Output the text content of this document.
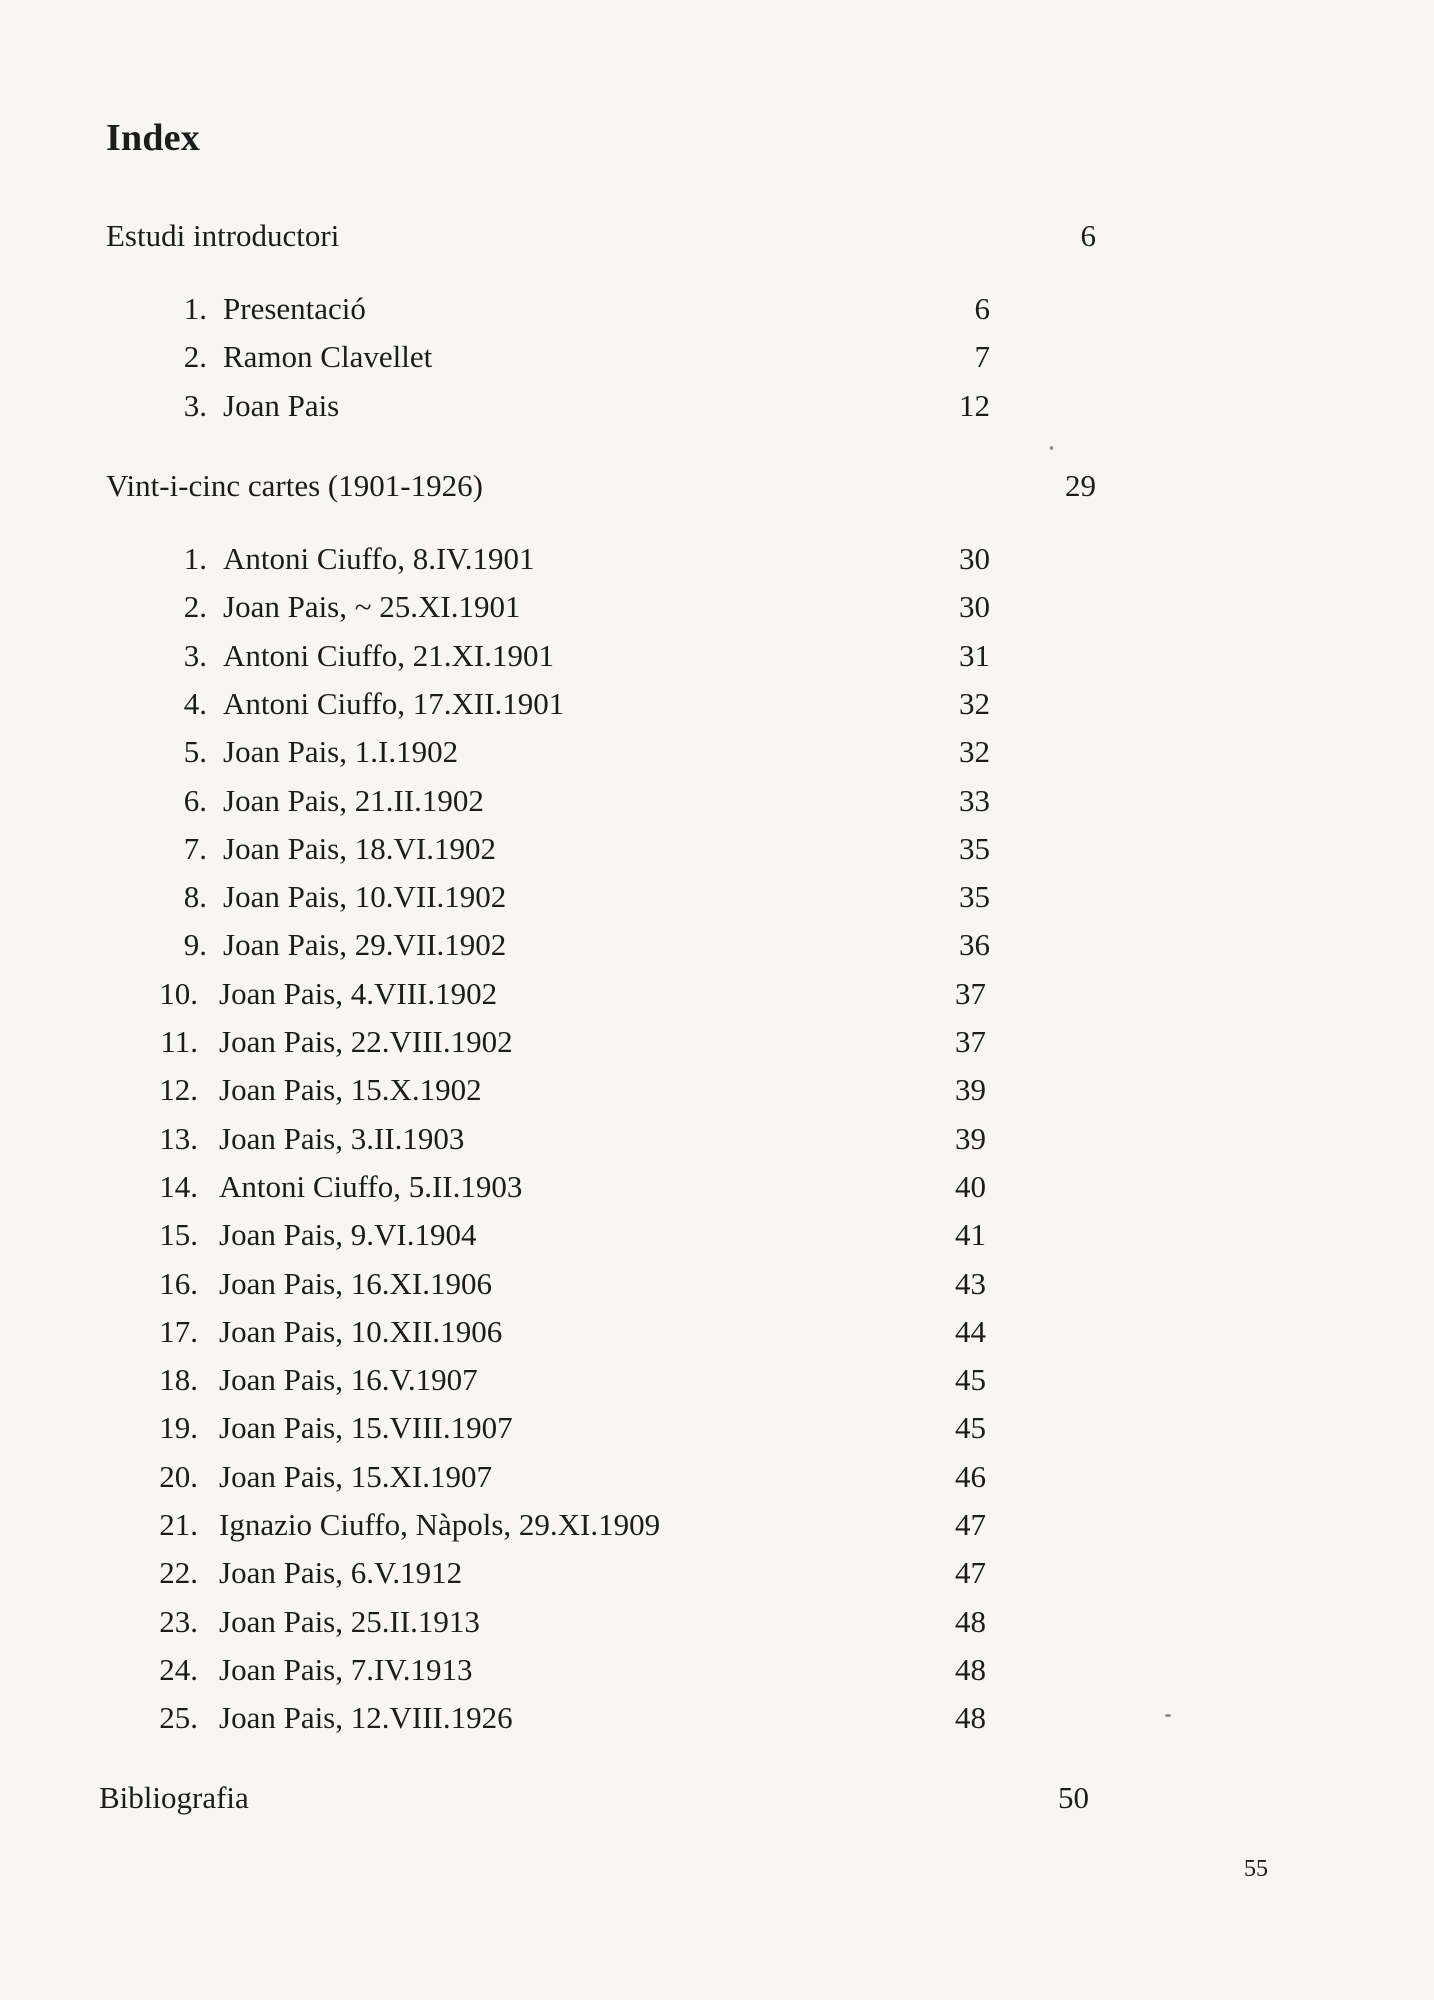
Index
Estudi introductori	6
1. Presentació	6
2. Ramon Clavellet	7
3. Joan Pais	12
Vint-i-cinc cartes (1901-1926)	29
1. Antoni Ciuffo, 8.IV.1901	30
2. Joan Pais, ~ 25.XI.1901	30
3. Antoni Ciuffo, 21.XI.1901	31
4. Antoni Ciuffo, 17.XII.1901	32
5. Joan Pais, 1.I.1902	32
6. Joan Pais, 21.II.1902	33
7. Joan Pais, 18.VI.1902	35
8. Joan Pais, 10.VII.1902	35
9. Joan Pais, 29.VII.1902	36
10. Joan Pais, 4.VIII.1902	37
11. Joan Pais, 22.VIII.1902	37
12. Joan Pais, 15.X.1902	39
13. Joan Pais, 3.II.1903	39
14. Antoni Ciuffo, 5.II.1903	40
15. Joan Pais, 9.VI.1904	41
16. Joan Pais, 16.XI.1906	43
17. Joan Pais, 10.XII.1906	44
18. Joan Pais, 16.V.1907	45
19. Joan Pais, 15.VIII.1907	45
20. Joan Pais, 15.XI.1907	46
21. Ignazio Ciuffo, Nàpols, 29.XI.1909	47
22. Joan Pais, 6.V.1912	47
23. Joan Pais, 25.II.1913	48
24. Joan Pais, 7.IV.1913	48
25. Joan Pais, 12.VIII.1926	48
Bibliografia	50
55
